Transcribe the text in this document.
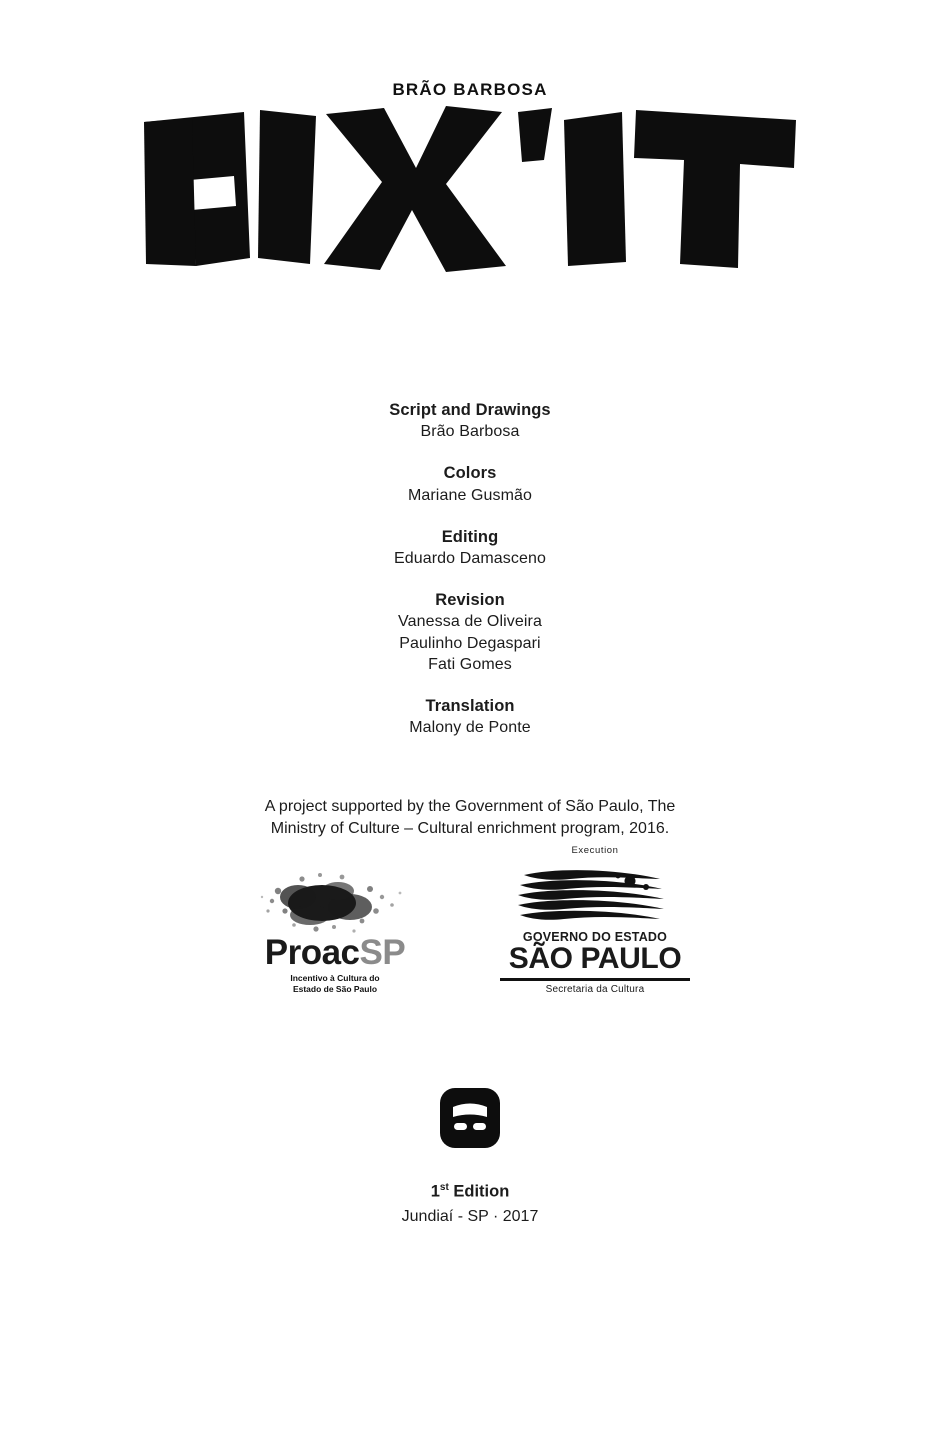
BRÃO BARBOSA
Script and Drawings
Brão Barbosa
Colors
Mariane Gusmão
Editing
Eduardo Damasceno
Revision
Vanessa de Oliveira
Paulinho Degaspari
Fati Gomes
Translation
Malony de Ponte
A project supported by the Government of São Paulo, The
Ministry of Culture – Cultural enrichment program, 2016.
ProacSP
Incentivo à Cultura do
Estado de São Paulo
Execution
GOVERNO DO ESTADO
SÃO PAULO
Secretaria da Cultura
1st Edition
Jundiaí - SP · 2017
